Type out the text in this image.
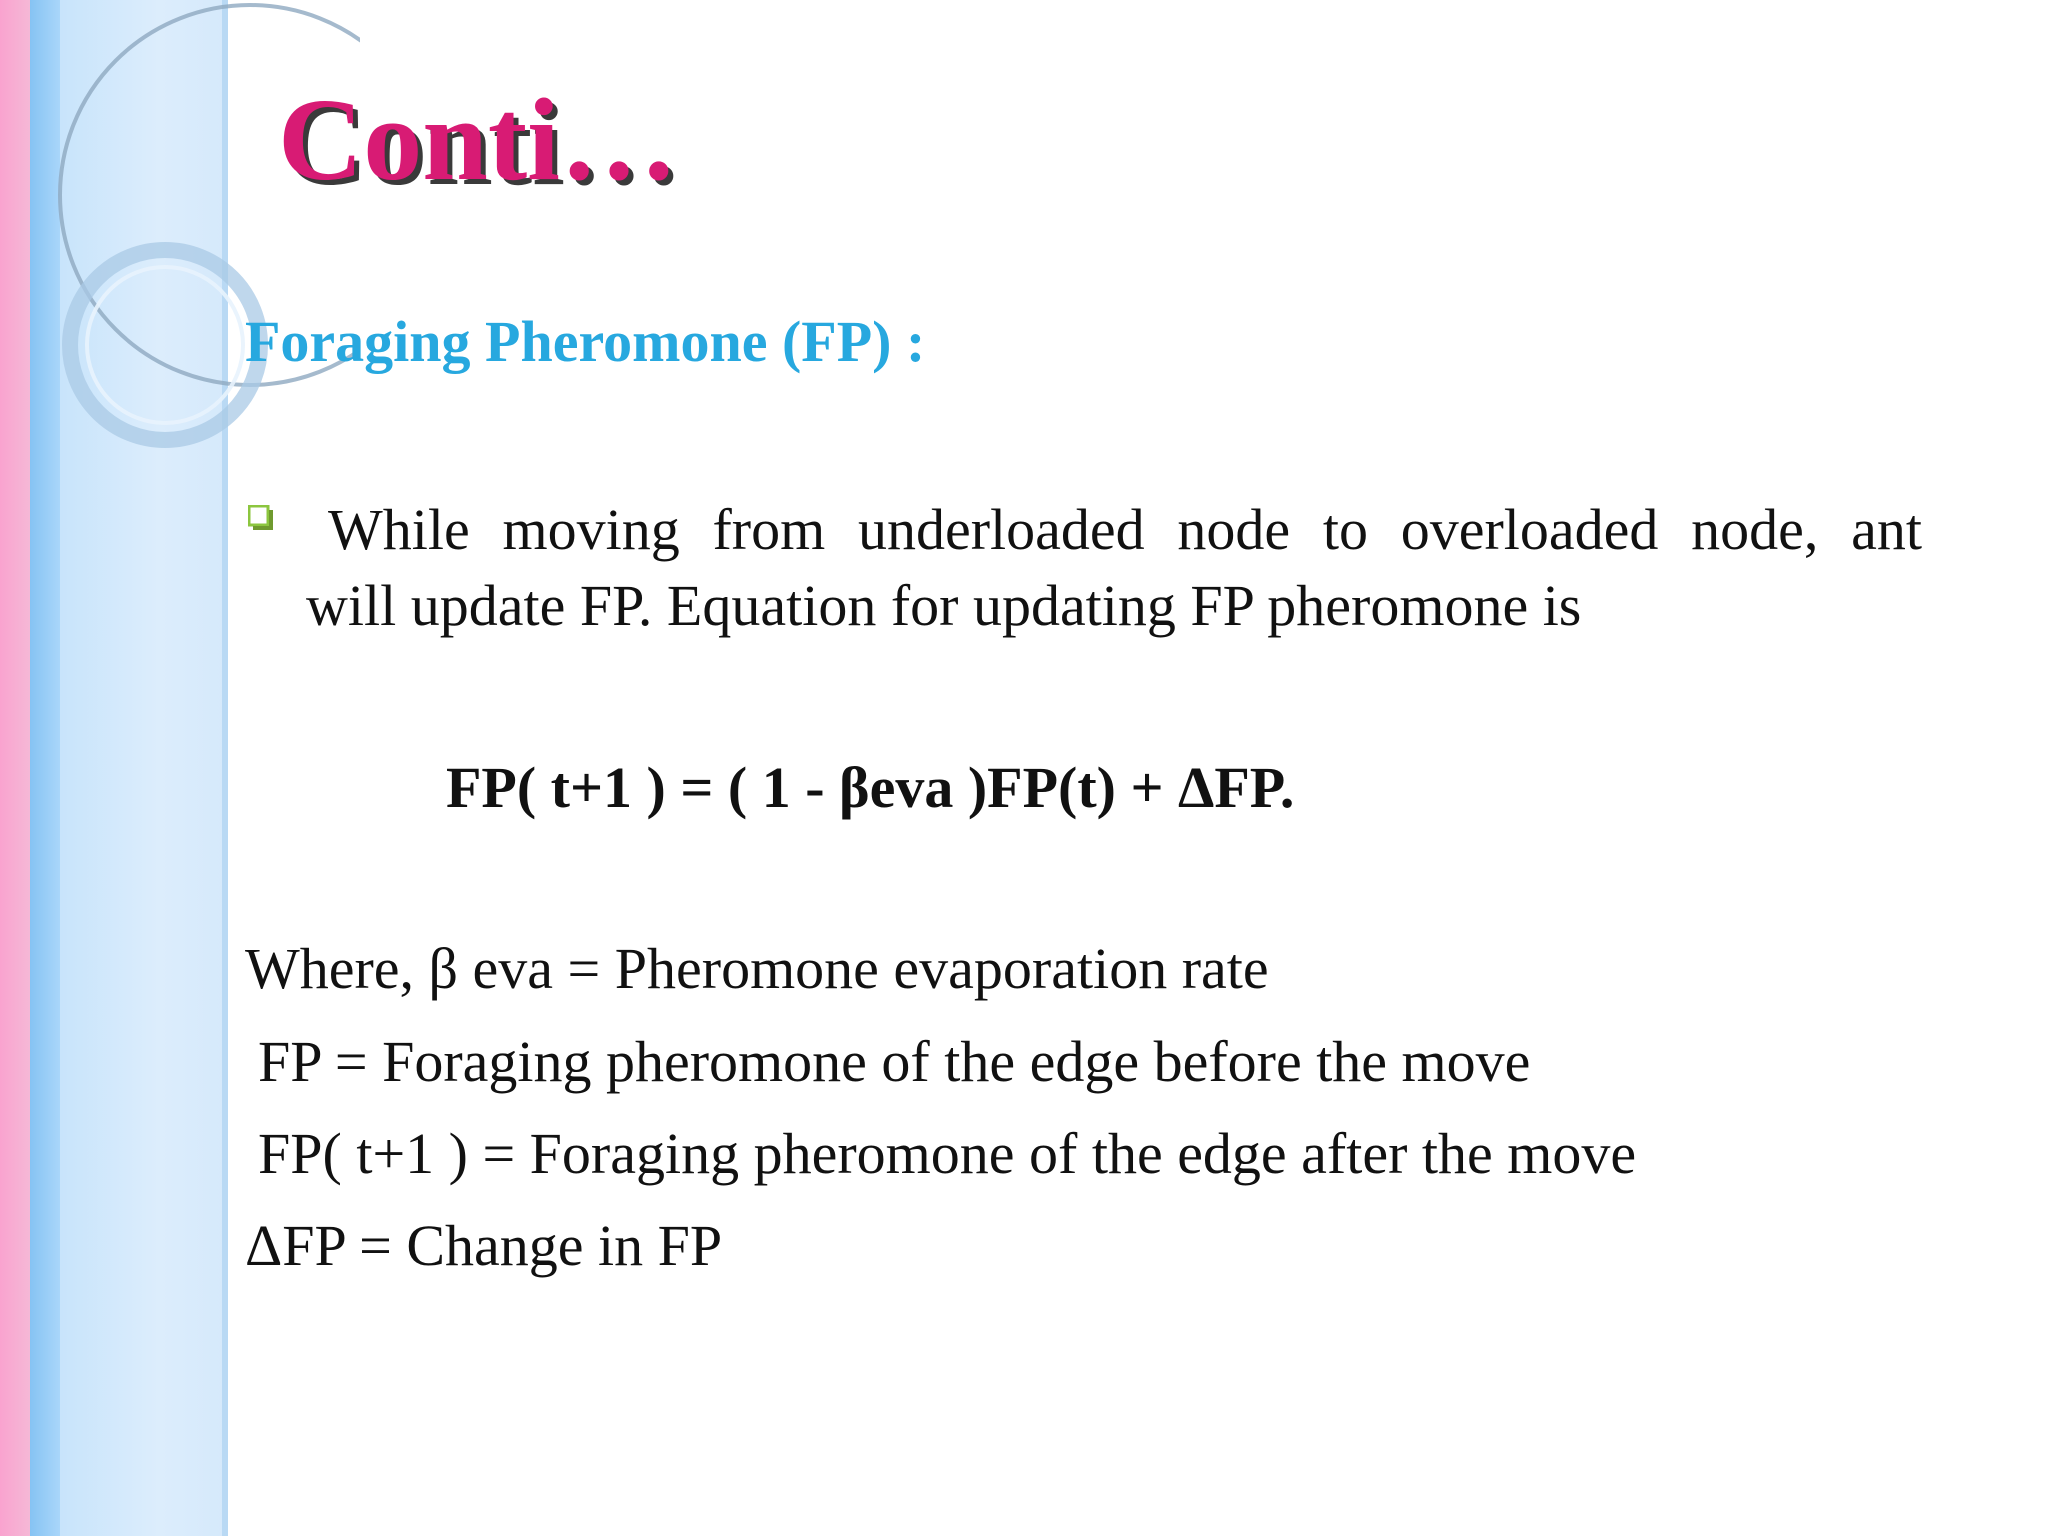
Conti…
Foraging Pheromone (FP) :
While moving from underloaded node to overloaded node, ant
will update FP. Equation for updating FP pheromone is
FP( t+1 ) = ( 1 - βeva )FP(t) + ΔFP.
Where, β eva = Pheromone evaporation rate
FP = Foraging pheromone of the edge before the move
FP( t+1 ) = Foraging pheromone of the edge after the move
ΔFP = Change in FP
